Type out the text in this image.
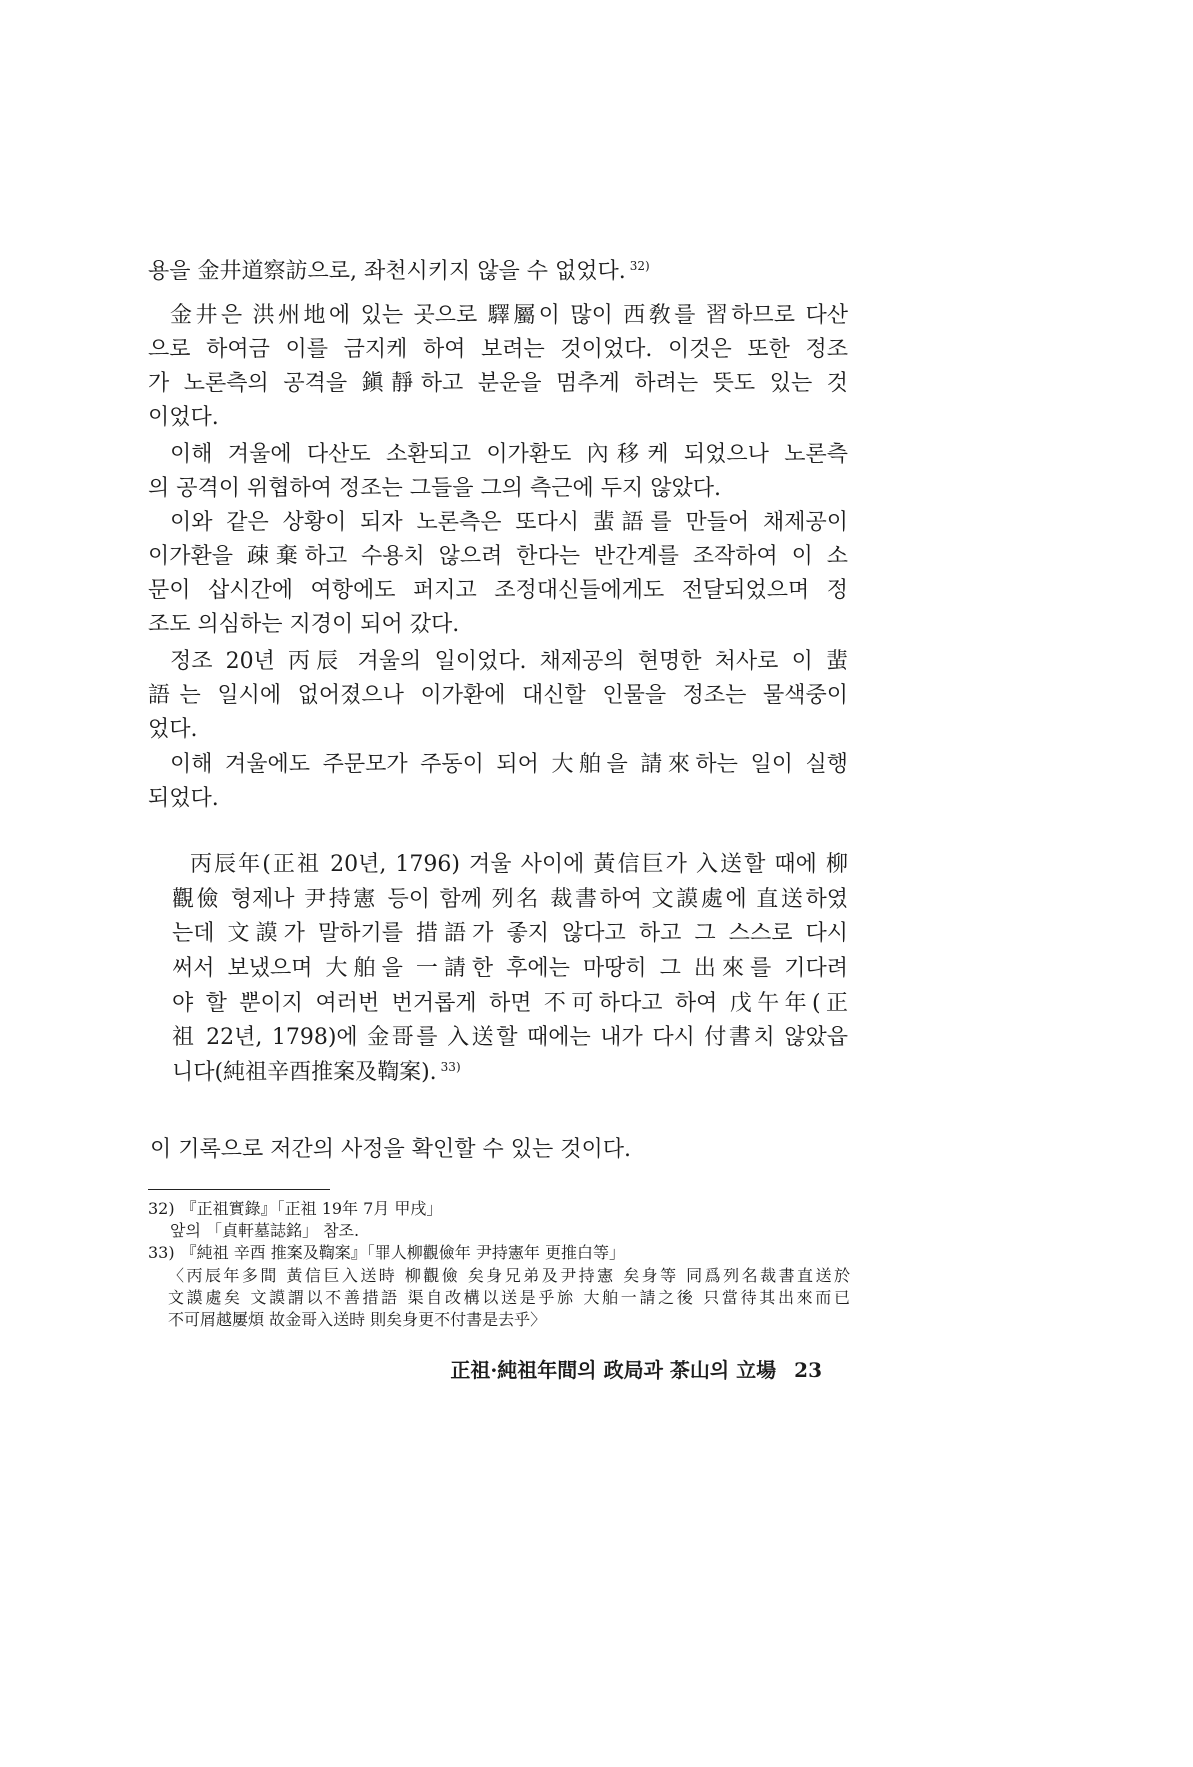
용을 金井道察訪으로, 좌천시키지 않을 수 없었다. $^{32)}$
金井은 洪州地에 있는 곳으로 驛屬이 많이 西敎를 習하므로 다산
으로 하여금 이를 금지케 하여 보려는 것이었다. 이것은 또한 정조
가 노론측의 공격을 鎭靜하고 분운을 멈추게 하려는 뜻도 있는 것
이었다.
이해 겨울에 다산도 소환되고 이가환도 內移케 되었으나 노론측
의 공격이 위협하여 정조는 그들을 그의 측근에 두지 않았다.
이와 같은 상황이 되자 노론측은 또다시 蜚語를 만들어 채제공이
이가환을 疎棄하고 수용치 않으려 한다는 반간계를 조작하여 이 소
문이 삽시간에 여항에도 퍼지고 조정대신들에게도 전달되었으며 정
조도 의심하는 지경이 되어 갔다.
정조 20년 丙辰 겨울의 일이었다. 채제공의 현명한 처사로 이 蜚
語는 일시에 없어졌으나 이가환에 대신할 인물을 정조는 물색중이
었다.
이해 겨울에도 주문모가 주동이 되어 大舶을 請來하는 일이 실행
되었다.
丙辰年(正祖 20년, 1796) 겨울 사이에 黃信巨가 入送할 때에 柳
觀儉 형제나 尹持憲 등이 함께 列名 裁書하여 文謨處에 直送하였
는데 文謨가 말하기를 措語가 좋지 않다고 하고 그 스스로 다시
써서 보냈으며 大舶을 一請한 후에는 마땅히 그 出來를 기다려
야 할 뿐이지 여러번 번거롭게 하면 不可하다고 하여 戊午年(正
祖 22년, 1798)에 金哥를 入送할 때에는 내가 다시 付書치 않았읍
니다(純祖辛酉推案及鞫案). $^{33)}$
이 기록으로 저간의 사정을 확인할 수 있는 것이다.
32) 『正祖實錄』「正祖 19年 7月 甲戌」
앞의 「貞軒墓誌銘」 참조.
33) 『純祖 辛酉 推案及鞫案』「罪人柳觀儉年 尹持憲年 更推白等」
〈丙辰年多間 黃信巨入送時 柳觀儉 矣身兄弟及尹持憲 矣身等 同爲列名裁書直送於
文謨處矣 文謨謂以不善措語 渠自改構以送是乎旀 大舶一請之後 只當待其出來而已
不可屑越屢煩 故金哥入送時 則矣身更不付書是去乎〉
正祖·純祖年間의 政局과 茶山의 立場 23
